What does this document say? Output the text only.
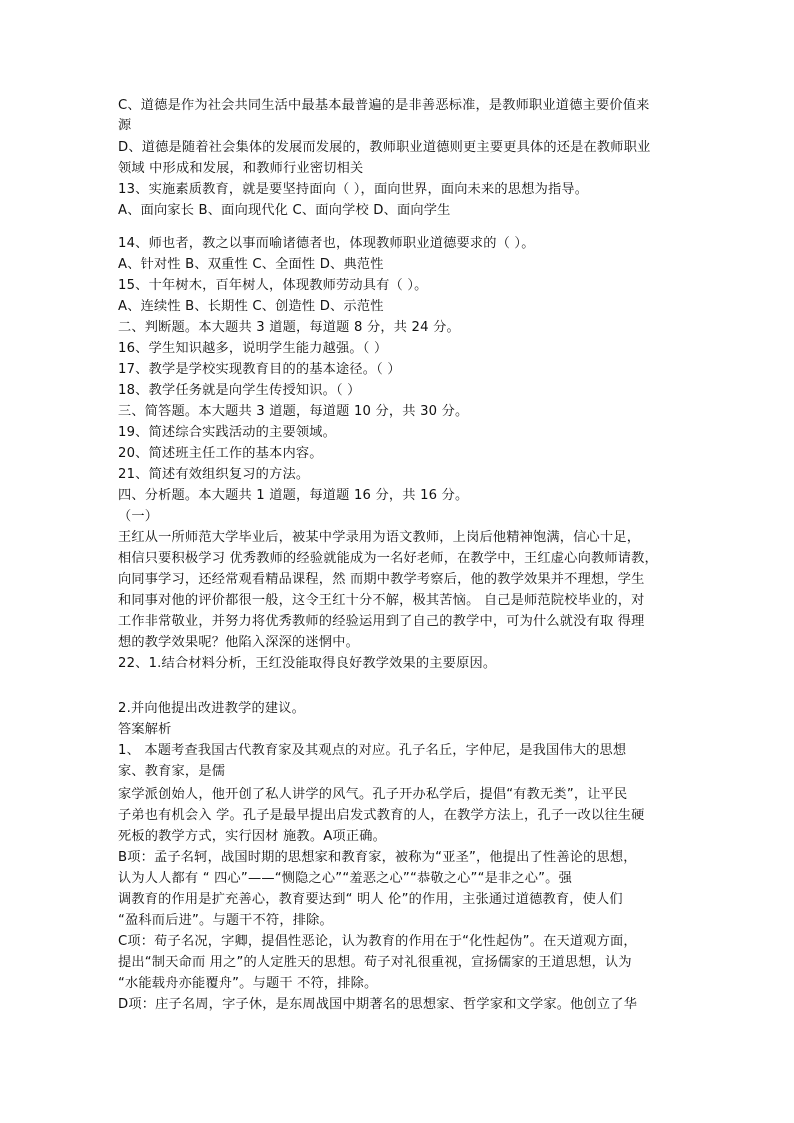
C、道德是作为社会共同生活中最基本最普遍的是非善恶标准，是教师职业道德主要价值来
源
D、道德是随着社会集体的发展而发展的，教师职业道德则更主要更具体的还是在教师职业
领域 中形成和发展，和教师行业密切相关
13、实施素质教育，就是要坚持面向（ ），面向世界，面向未来的思想为指导。
A、面向家长 B、面向现代化 C、面向学校 D、面向学生
14、师也者，教之以事而喻诸德者也，体现教师职业道德要求的（ ）。
A、针对性 B、双重性 C、全面性 D、典范性
15、十年树木，百年树人，体现教师劳动具有（ ）。
A、连续性 B、长期性 C、创造性 D、示范性
二、判断题。本大题共 3 道题，每道题 8 分，共 24 分。
16、学生知识越多，说明学生能力越强。（ ）
17、教学是学校实现教育目的的基本途径。（ ）
18、教学任务就是向学生传授知识。（ ）
三、简答题。本大题共 3 道题，每道题 10 分，共 30 分。
19、简述综合实践活动的主要领域。
20、简述班主任工作的基本内容。
21、简述有效组织复习的方法。
四、分析题。本大题共 1 道题，每道题 16 分，共 16 分。
（一）
王红从一所师范大学毕业后，被某中学录用为语文教师，上岗后他精神饱满，信心十足，
相信只要积极学习 优秀教师的经验就能成为一名好老师，在教学中，王红虚心向教师请教，
向同事学习，还经常观看精品课程，然 而期中教学考察后，他的教学效果并不理想，学生
和同事对他的评价都很一般，这令王红十分不解，极其苦恼。 自己是师范院校毕业的，对
工作非常敬业，并努力将优秀教师的经验运用到了自己的教学中，可为什么就没有取 得理
想的教学效果呢？他陷入深深的迷惘中。
22、1.结合材料分析，王红没能取得良好教学效果的主要原因。
2.并向他提出改进教学的建议。
答案解析
1、 本题考查我国古代教育家及其观点的对应。孔子名丘，字仲尼，是我国伟大的思想
家、教育家，是儒
家学派创始人，他开创了私人讲学的风气。孔子开办私学后，提倡“有教无类”，让平民
子弟也有机会入 学。孔子是最早提出启发式教育的人，在教学方法上，孔子一改以往生硬
死板的教学方式，实行因材 施教。A项正确。
B项：孟子名轲，战国时期的思想家和教育家，被称为“亚圣”，他提出了性善论的思想，
认为人人都有 “ 四心”——“恻隐之心”“羞恶之心”“恭敬之心”“是非之心”。强
调教育的作用是扩充善心，教育要达到“ 明人 伦”的作用，主张通过道德教育，使人们
“盈科而后进”。与题干不符，排除。
C项：荀子名况，字卿，提倡性恶论，认为教育的作用在于“化性起伪”。在天道观方面，
提出“制天命而 用之”的人定胜天的思想。荀子对礼很重视，宣扬儒家的王道思想，认为
“水能载舟亦能覆舟”。与题干 不符，排除。
D项：庄子名周，字子休，是东周战国中期著名的思想家、哲学家和文学家。他创立了华
